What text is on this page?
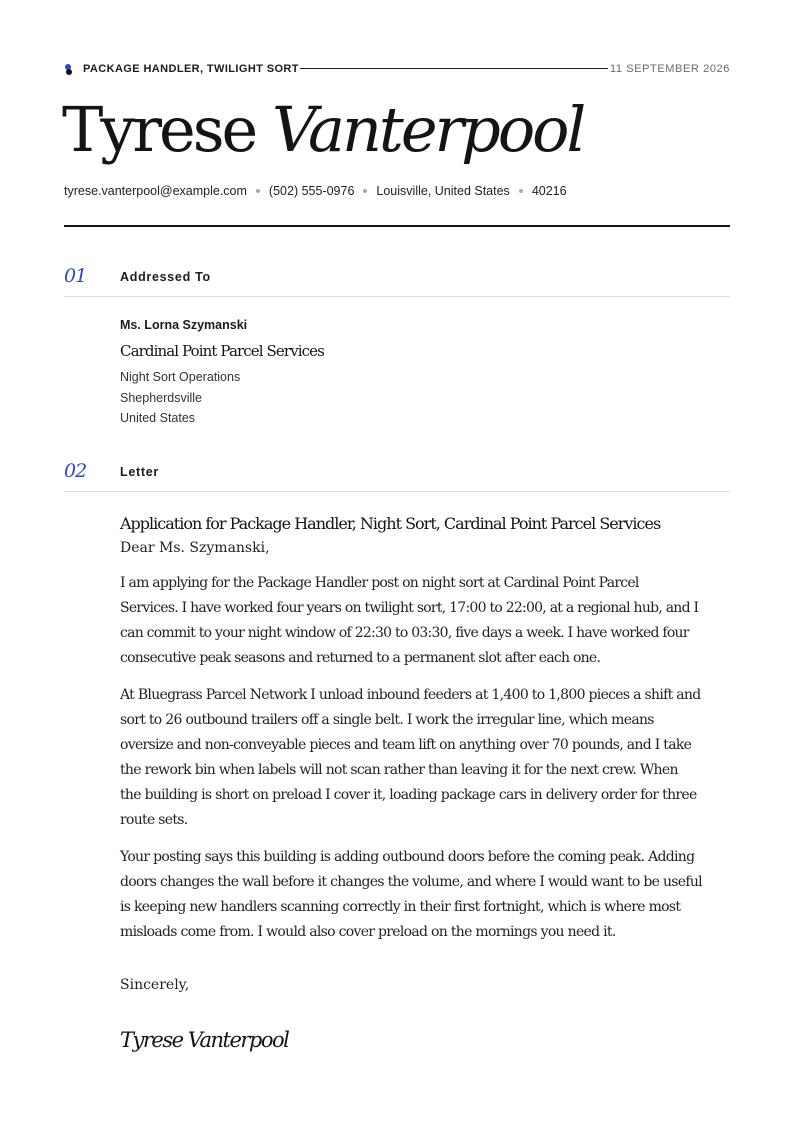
PACKAGE HANDLER, TWILIGHT SORT	11 SEPTEMBER 2026
Tyrese Vanterpool
tyrese.vanterpool@example.com (502) 555-0976 Louisville, United States 40216
01	Addressed To
Ms. Lorna Szymanski
Cardinal Point Parcel Services
Night Sort Operations
Shepherdsville
United States
02	Letter
Application for Package Handler, Night Sort, Cardinal Point Parcel Services
Dear Ms. Szymanski,
I am applying for the Package Handler post on night sort at Cardinal Point Parcel
Services. I have worked four years on twilight sort, 17:00 to 22:00, at a regional hub, and I
can commit to your night window of 22:30 to 03:30, five days a week. I have worked four
consecutive peak seasons and returned to a permanent slot after each one.
At Bluegrass Parcel Network I unload inbound feeders at 1,400 to 1,800 pieces a shift and
sort to 26 outbound trailers off a single belt. I work the irregular line, which means
oversize and non-conveyable pieces and team lift on anything over 70 pounds, and I take
the rework bin when labels will not scan rather than leaving it for the next crew. When
the building is short on preload I cover it, loading package cars in delivery order for three
route sets.
Your posting says this building is adding outbound doors before the coming peak. Adding
doors changes the wall before it changes the volume, and where I would want to be useful
is keeping new handlers scanning correctly in their first fortnight, which is where most
misloads come from. I would also cover preload on the mornings you need it.
Sincerely,
Tyrese Vanterpool
